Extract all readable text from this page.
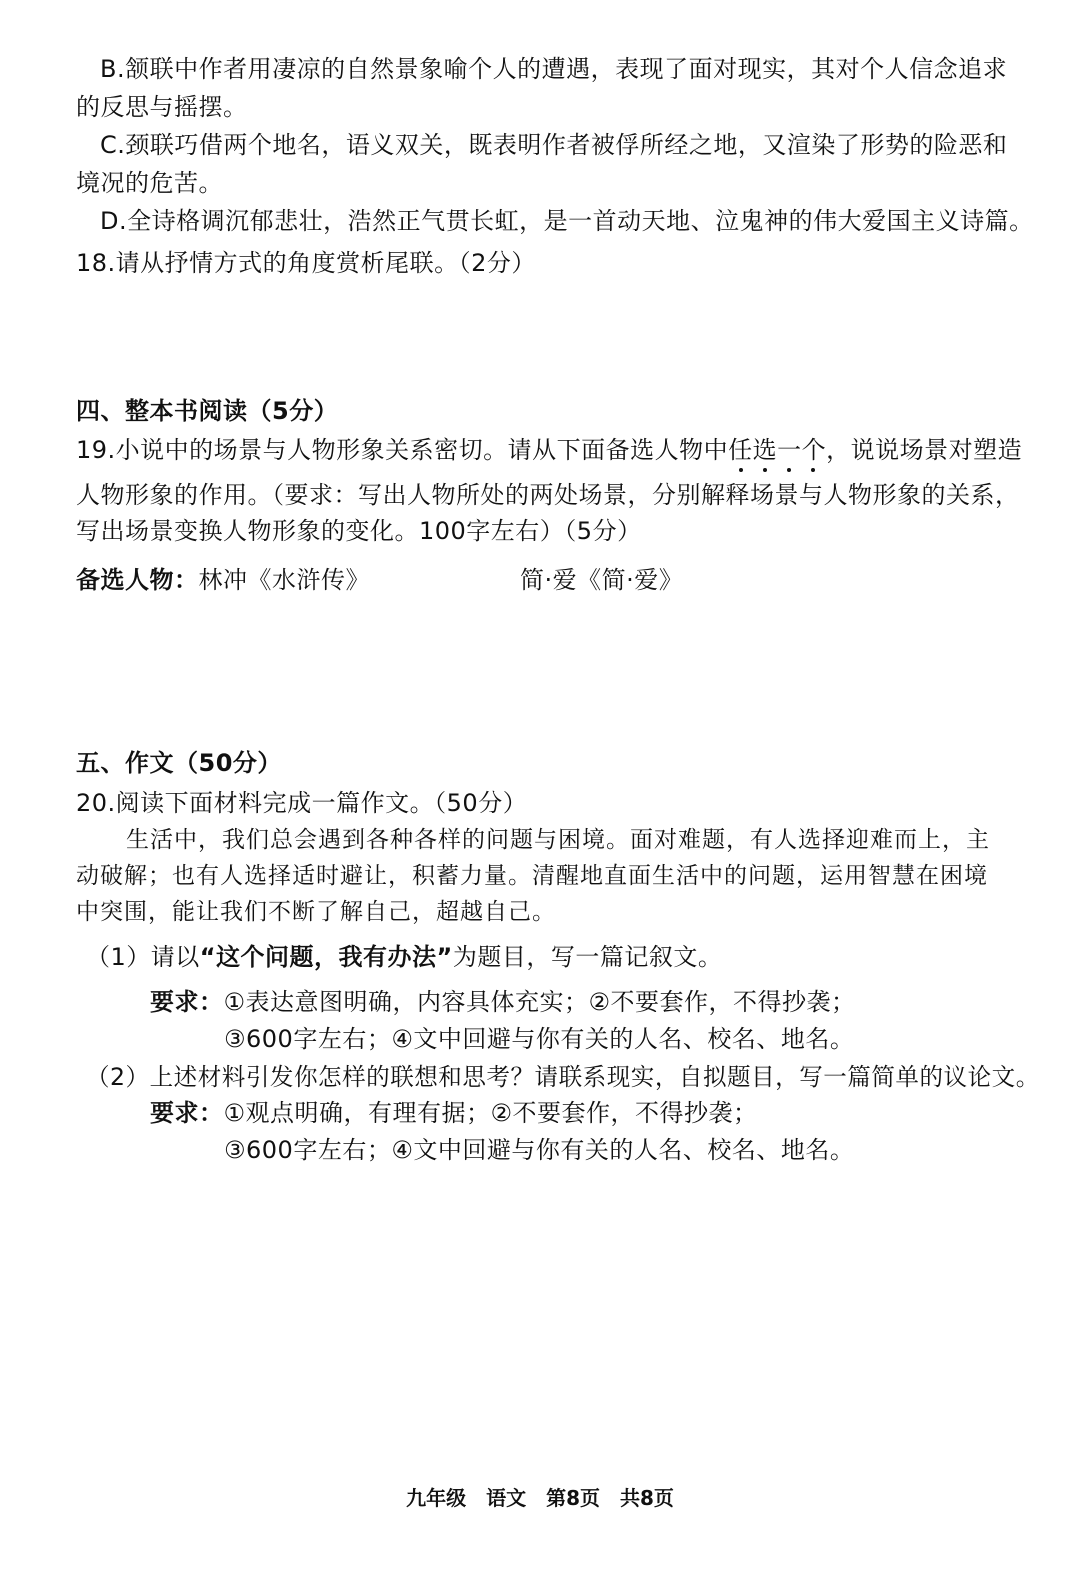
B.颔联中作者用凄凉的自然景象喻个人的遭遇，表现了面对现实，其对个人信念追求
的反思与摇摆。
C.颈联巧借两个地名，语义双关，既表明作者被俘所经之地，又渲染了形势的险恶和
境况的危苦。
D.全诗格调沉郁悲壮，浩然正气贯长虹，是一首动天地、泣鬼神的伟大爱国主义诗篇。
18.请从抒情方式的角度赏析尾联。（2分）
四、整本书阅读（5分）
19.小说中的场景与人物形象关系密切。请从下面备选人物中任选一个，说说场景对塑造
人物形象的作用。（要求：写出人物所处的两处场景，分别解释场景与人物形象的关系，
写出场景变换人物形象的变化。100字左右）（5分）
备选人物：林冲《水浒传》	简·爱《简·爱》
五、作文（50分）
20.阅读下面材料完成一篇作文。（50分）
生活中，我们总会遇到各种各样的问题与困境。面对难题，有人选择迎难而上，主
动破解；也有人选择适时避让，积蓄力量。清醒地直面生活中的问题，运用智慧在困境
中突围，能让我们不断了解自己，超越自己。
（1）请以“这个问题，我有办法”为题目，写一篇记叙文。
要求：①表达意图明确，内容具体充实；②不要套作，不得抄袭；
③600字左右；④文中回避与你有关的人名、校名、地名。
（2）上述材料引发你怎样的联想和思考？请联系现实，自拟题目，写一篇简单的议论文。
要求：①观点明确，有理有据；②不要套作，不得抄袭；
③600字左右；④文中回避与你有关的人名、校名、地名。
九年级 语文 第8页 共8页
